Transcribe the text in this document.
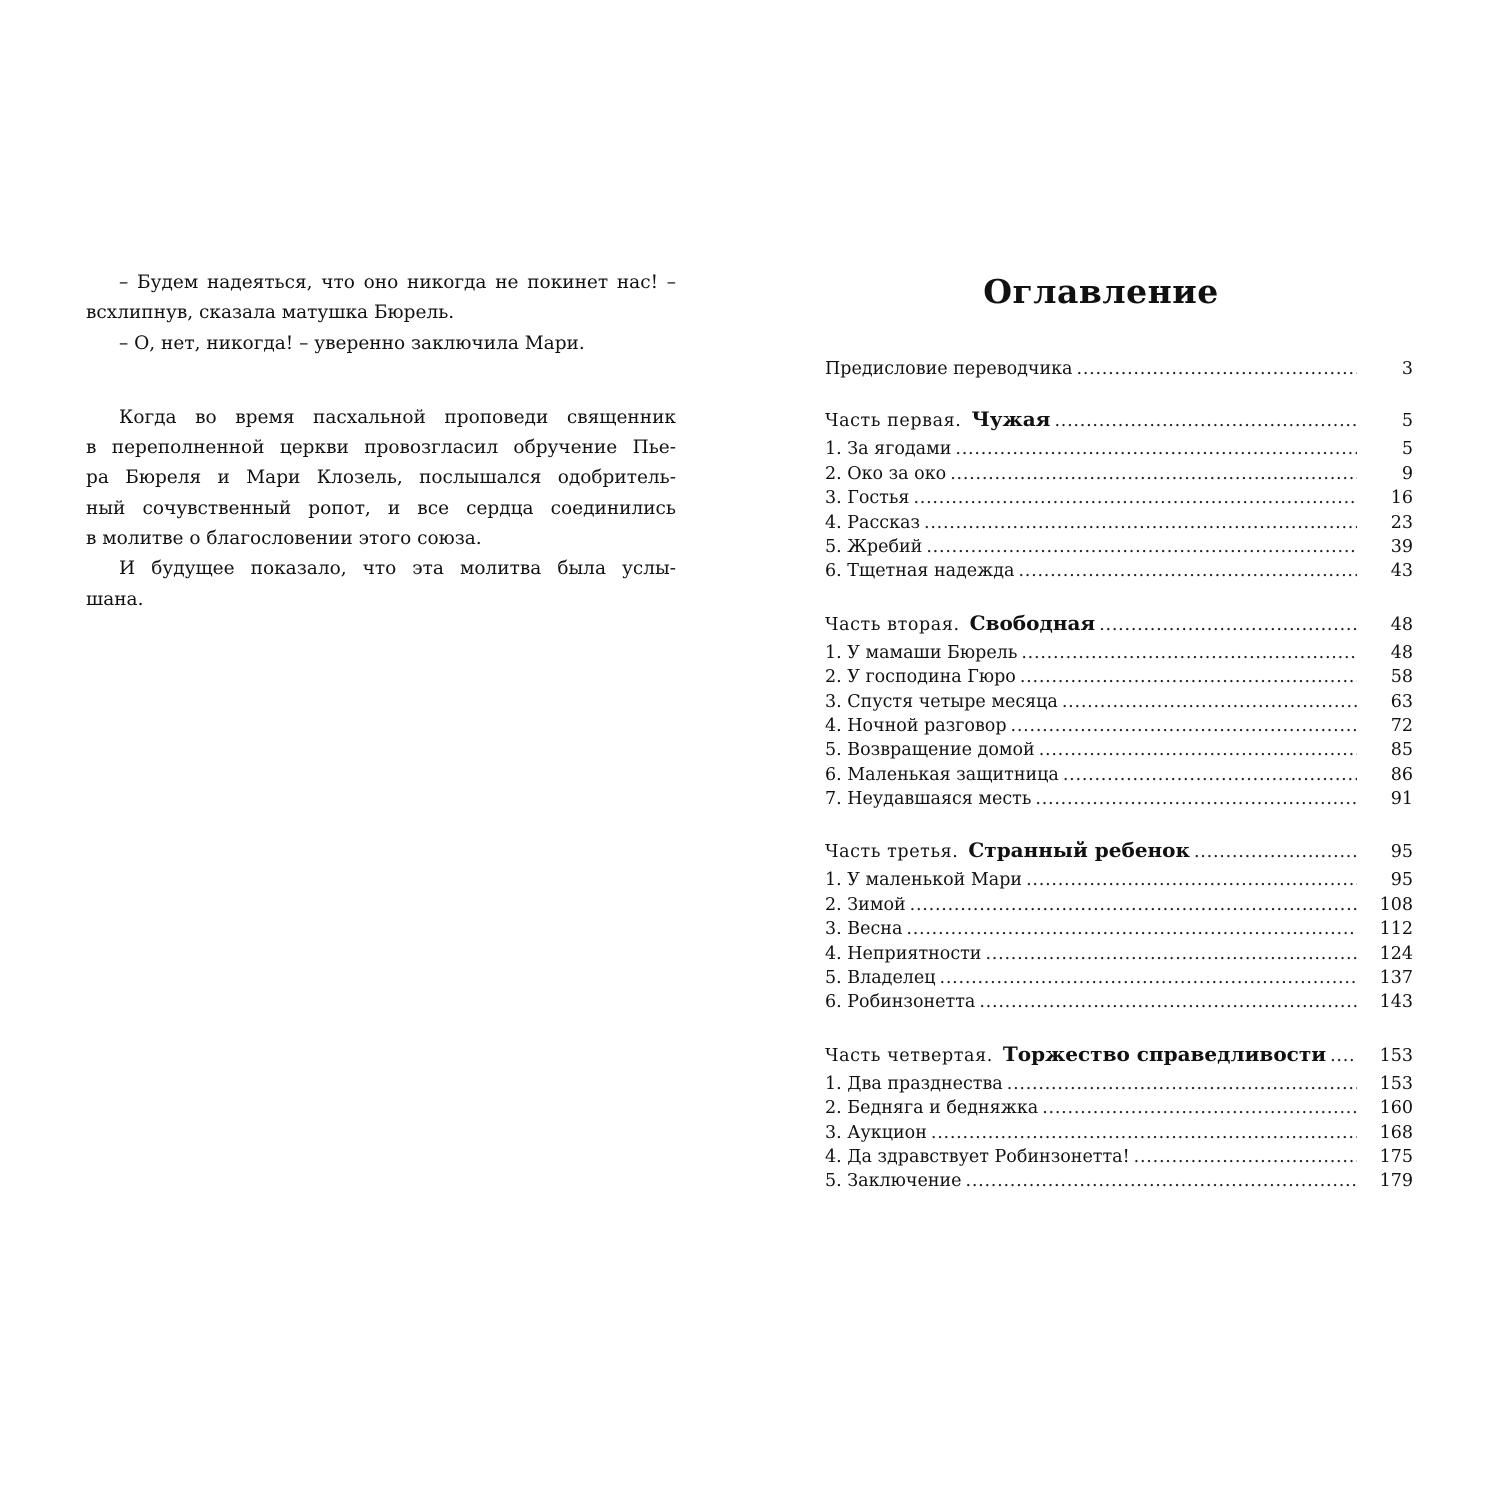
– Будем надеяться, что оно никогда не покинет нас! –
всхлипнув, сказала матушка Бюрель.
– О, нет, никогда! – уверенно заключила Мари.
Когда во время пасхальной проповеди священник
в переполненной церкви провозгласил обручение Пье-
ра Бюреля и Мари Клозель, послышался одобритель-
ный сочувственный ропот, и все сердца соединились
в молитве о благословении этого союза.
И будущее показало, что эта молитва была услы-
шана.
Оглавление
Предисловие переводчика . . .	3
Часть первая. Чужая . . .	5
1. За ягодами . . .	5
2. Око за око . . .	9
3. Гостья . . .	16
4. Рассказ . . .	23
5. Жребий . . .	39
6. Тщетная надежда . . .	43
Часть вторая. Свободная . . .	48
1. У мамаши Бюрель . . .	48
2. У господина Гюро . . .	58
3. Спустя четыре месяца . . .	63
4. Ночной разговор . . .	72
5. Возвращение домой . . .	85
6. Маленькая защитница . . .	86
7. Неудавшаяся месть . . .	91
Часть третья. Странный ребенок . . .	95
1. У маленькой Мари . . .	95
2. Зимой . . .	108
3. Весна . . .	112
4. Неприятности . . .	124
5. Владелец . . .	137
6. Робинзонетта . . .	143
Часть четвертая. Торжество справедливости . . .	153
1. Два празднества . . .	153
2. Бедняга и бедняжка . . .	160
3. Аукцион . . .	168
4. Да здравствует Робинзонетта! . . .	175
5. Заключение . . .	179
